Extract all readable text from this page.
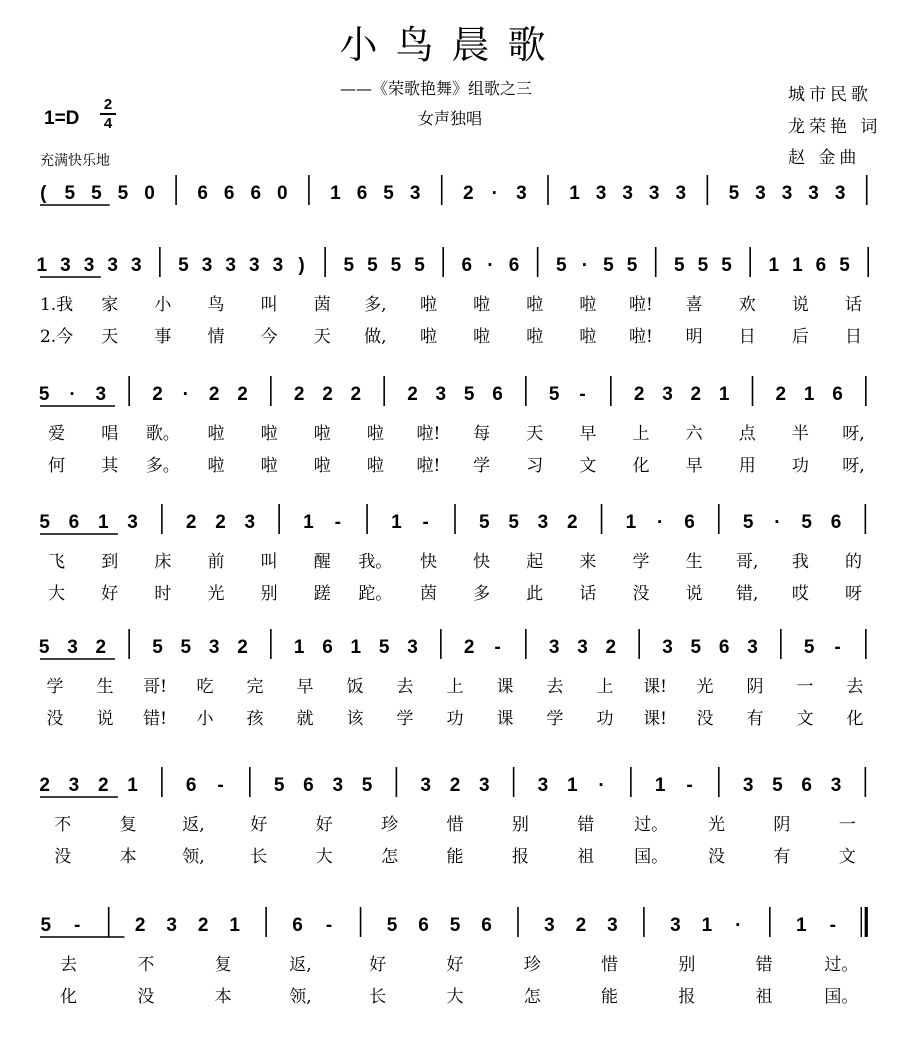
小鸟晨歌
——《荣歌艳舞》组歌之三
女声独唱
城市民歌
龙荣艳 词
赵 金曲
1=D
2
4
充满快乐地
( 5 5 5 0 6 6 6 0 1 6 5 3 2 · 3 1 3 3 3 3 5 3 3 3 3
1 3 3 3 3 5 3 3 3 3 ) 5 5 5 5 6 · 6 5 · 5 5 5 5 5 1 1 6 5
1.我 家 小 鸟 叫 茵 多, 啦 啦 啦 啦 啦! 喜 欢 说 话
2.今 天 事 情 今 天 做, 啦 啦 啦 啦 啦! 明 日 后 日
5 · 3 2 · 2 2 2 2 2 2 3 5 6 5 -	2 3 2 1 2 1 6
爱 唱 歌。 啦 啦 啦 啦 啦! 每 天 早 上 六 点 半 呀,
何 其 多。 啦 啦 啦 啦 啦! 学 习 文 化 早 用 功 呀,
5 6 1 3	2 2 3	1 -	1 -	5 5 3 2	1 · 6	5 · 5 6
飞 到 床 前 叫 醒 我。 快 快 起 来 学 生 哥, 我 的
大 好 时 光 别 蹉 跎。 茵 多 此 话 没 说 错, 哎 呀
5 3 2 5 5 3 2 1 6 1 5 3 2 -	3 3 2 3 5 6 3 5 -
学 生 哥! 吃 完 早 饭 去 上 课 去 上 课! 光 阴 一 去
没 说 错! 小 孩 就 该 学 功 课 学 功 课! 没 有 文 化
2 3 2 1	6 -	5 6 3 5	3 2 3	3 1 ·	1 -	3 5 6 3
不	复	返,	好	好	珍	惜	别	错 过。 光	阴	一
没	本	领,	长	大	怎	能	报	祖 国。 没	有	文
5 -	2 3 2 1	6 -	5 6 5 6	3 2 3	3 1 ·	1 -
去	不	复	返,	好	好	珍	惜	别	错	过。
化	没	本	领,	长	大	怎	能	报	祖	国。
